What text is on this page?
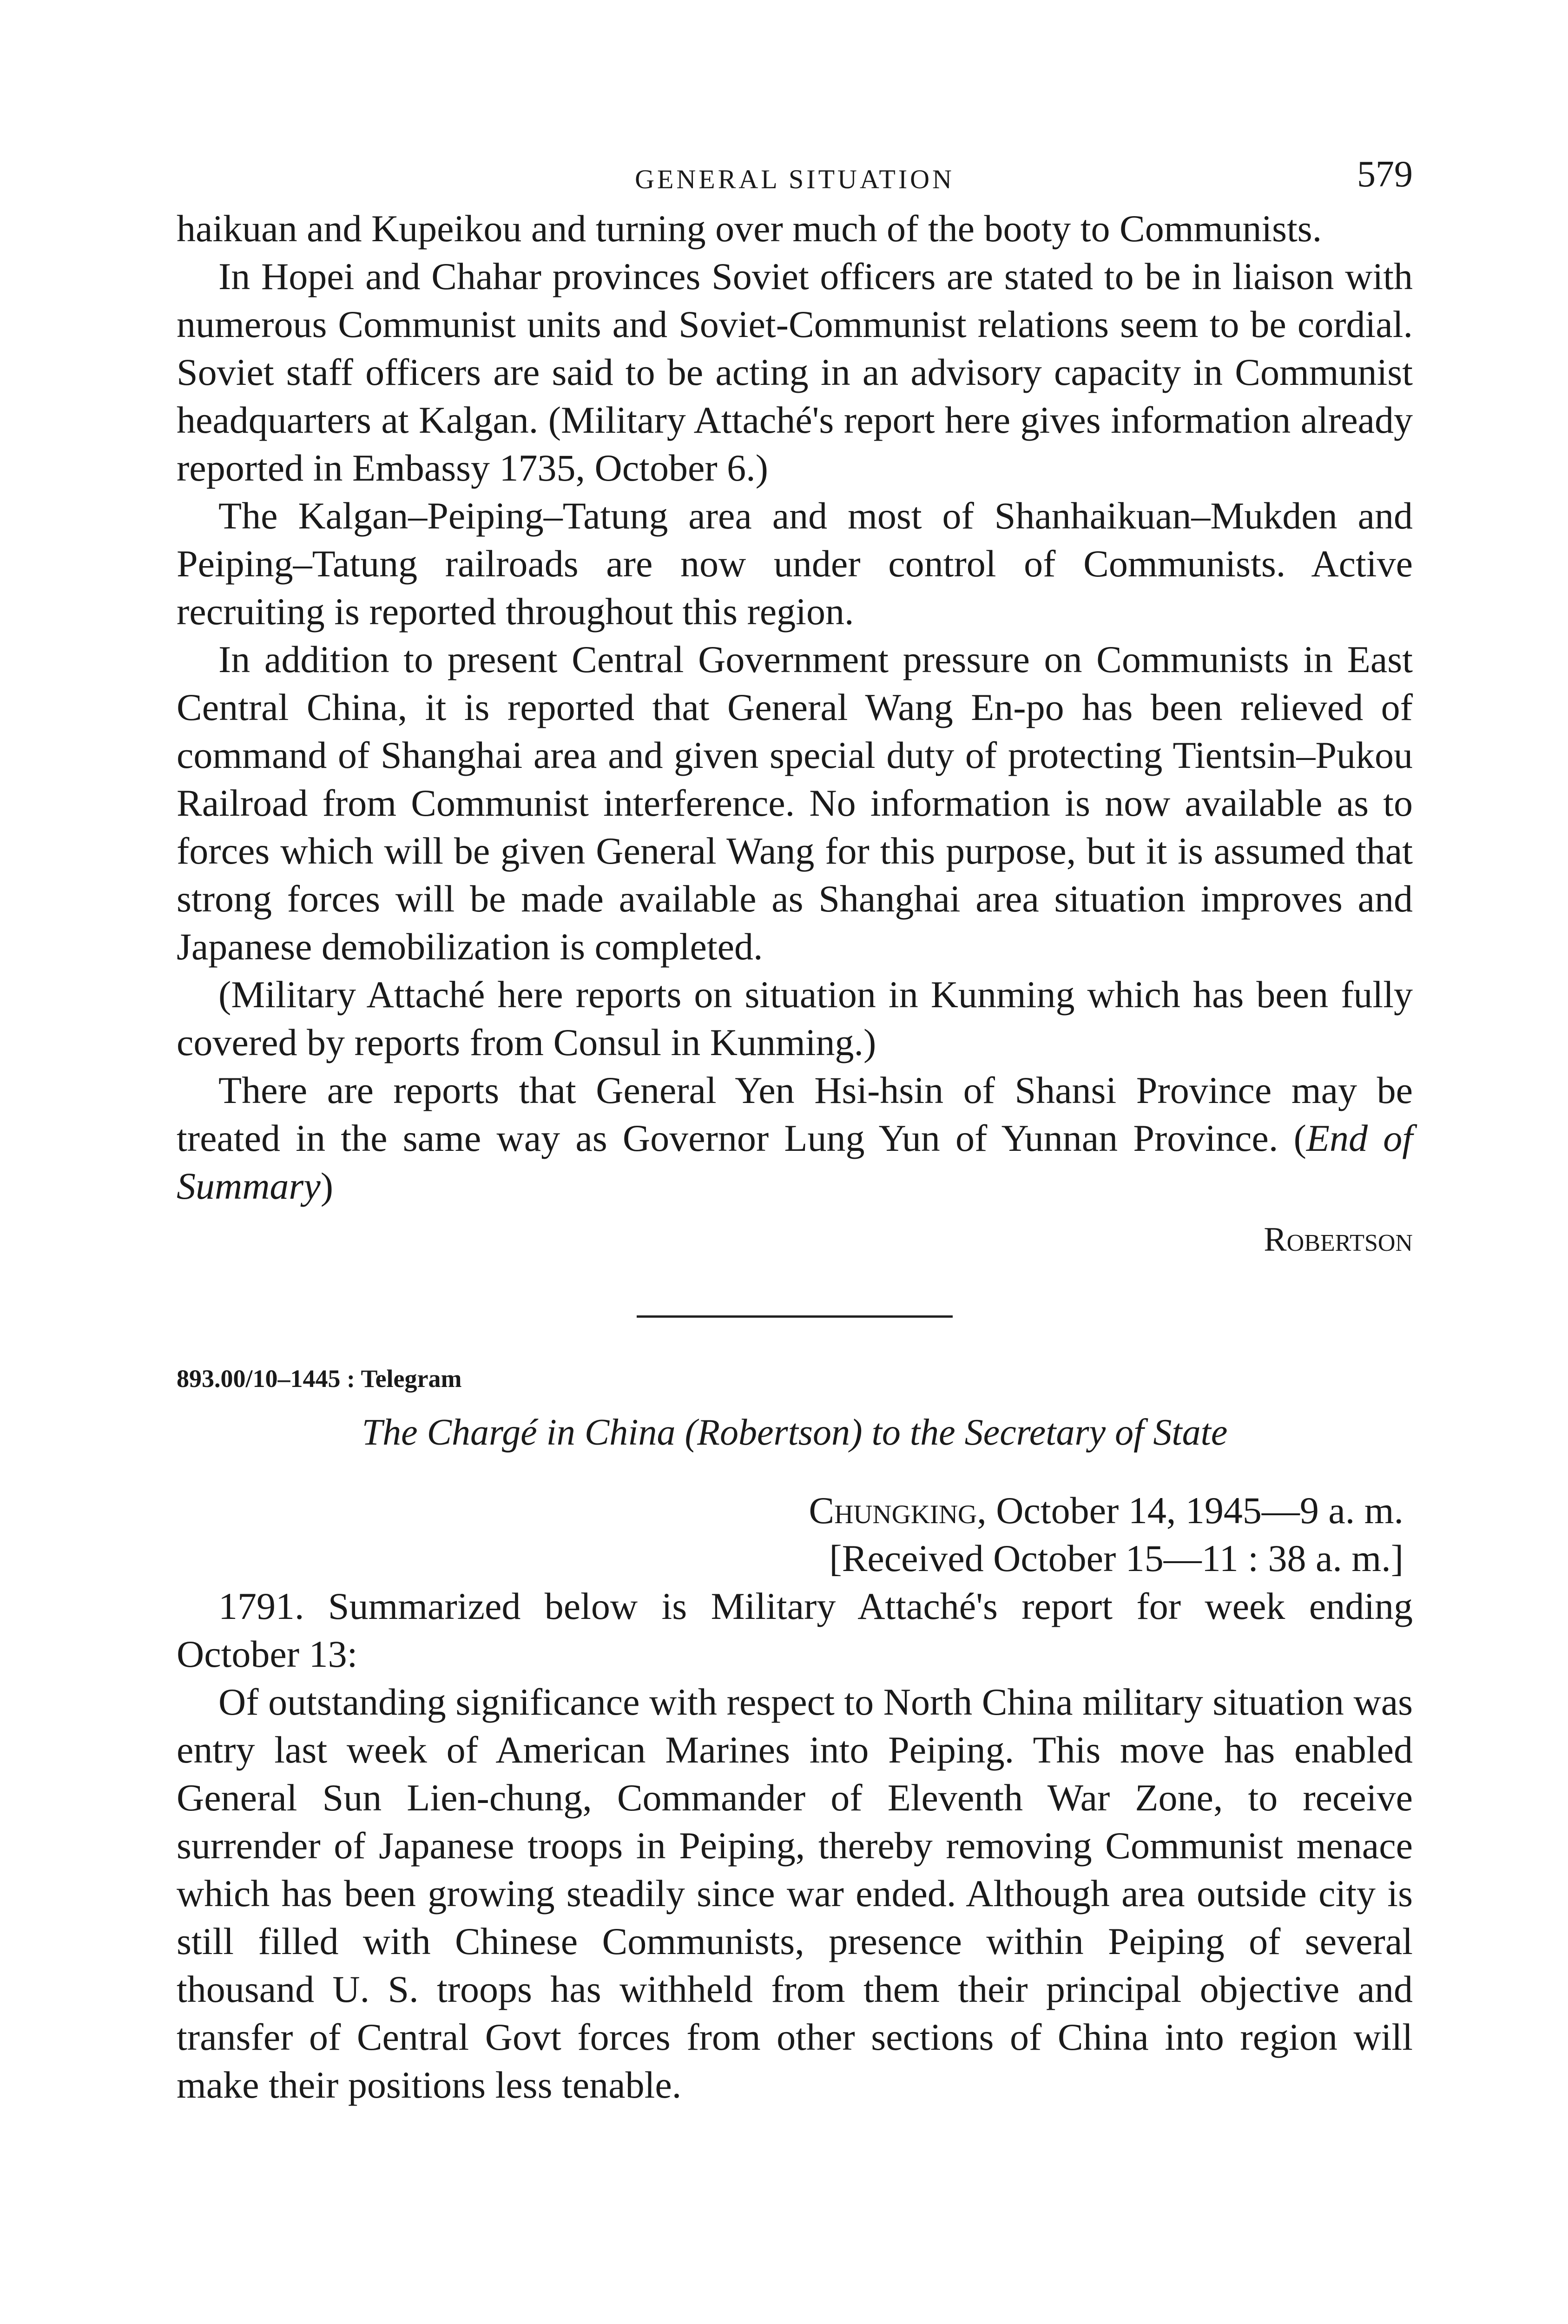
GENERAL SITUATION	579

haikuan and Kupeikou and turning over much of the booty to Communists.

In Hopei and Chahar provinces Soviet officers are stated to be in liaison with numerous Communist units and Soviet-Communist relations seem to be cordial. Soviet staff officers are said to be acting in an advisory capacity in Communist headquarters at Kalgan. (Military Attaché's report here gives information already reported in Embassy 1735, October 6.)

The Kalgan–Peiping–Tatung area and most of Shanhaikuan–Mukden and Peiping–Tatung railroads are now under control of Communists. Active recruiting is reported throughout this region.

In addition to present Central Government pressure on Communists in East Central China, it is reported that General Wang En-po has been relieved of command of Shanghai area and given special duty of protecting Tientsin–Pukou Railroad from Communist interference. No information is now available as to forces which will be given General Wang for this purpose, but it is assumed that strong forces will be made available as Shanghai area situation improves and Japanese demobilization is completed.

(Military Attaché here reports on situation in Kunming which has been fully covered by reports from Consul in Kunming.)

There are reports that General Yen Hsi-hsin of Shansi Province may be treated in the same way as Governor Lung Yun of Yunnan Province. (End of Summary)

Robertson
893.00/10–1445 : Telegram
The Chargé in China (Robertson) to the Secretary of State
Chungking, October 14, 1945—9 a. m.
[Received October 15—11 : 38 a. m.]

1791. Summarized below is Military Attaché's report for week ending October 13:

Of outstanding significance with respect to North China military situation was entry last week of American Marines into Peiping. This move has enabled General Sun Lien-chung, Commander of Eleventh War Zone, to receive surrender of Japanese troops in Peiping, thereby removing Communist menace which has been growing steadily since war ended. Although area outside city is still filled with Chinese Communists, presence within Peiping of several thousand U. S. troops has withheld from them their principal objective and transfer of Central Govt forces from other sections of China into region will make their positions less tenable.
